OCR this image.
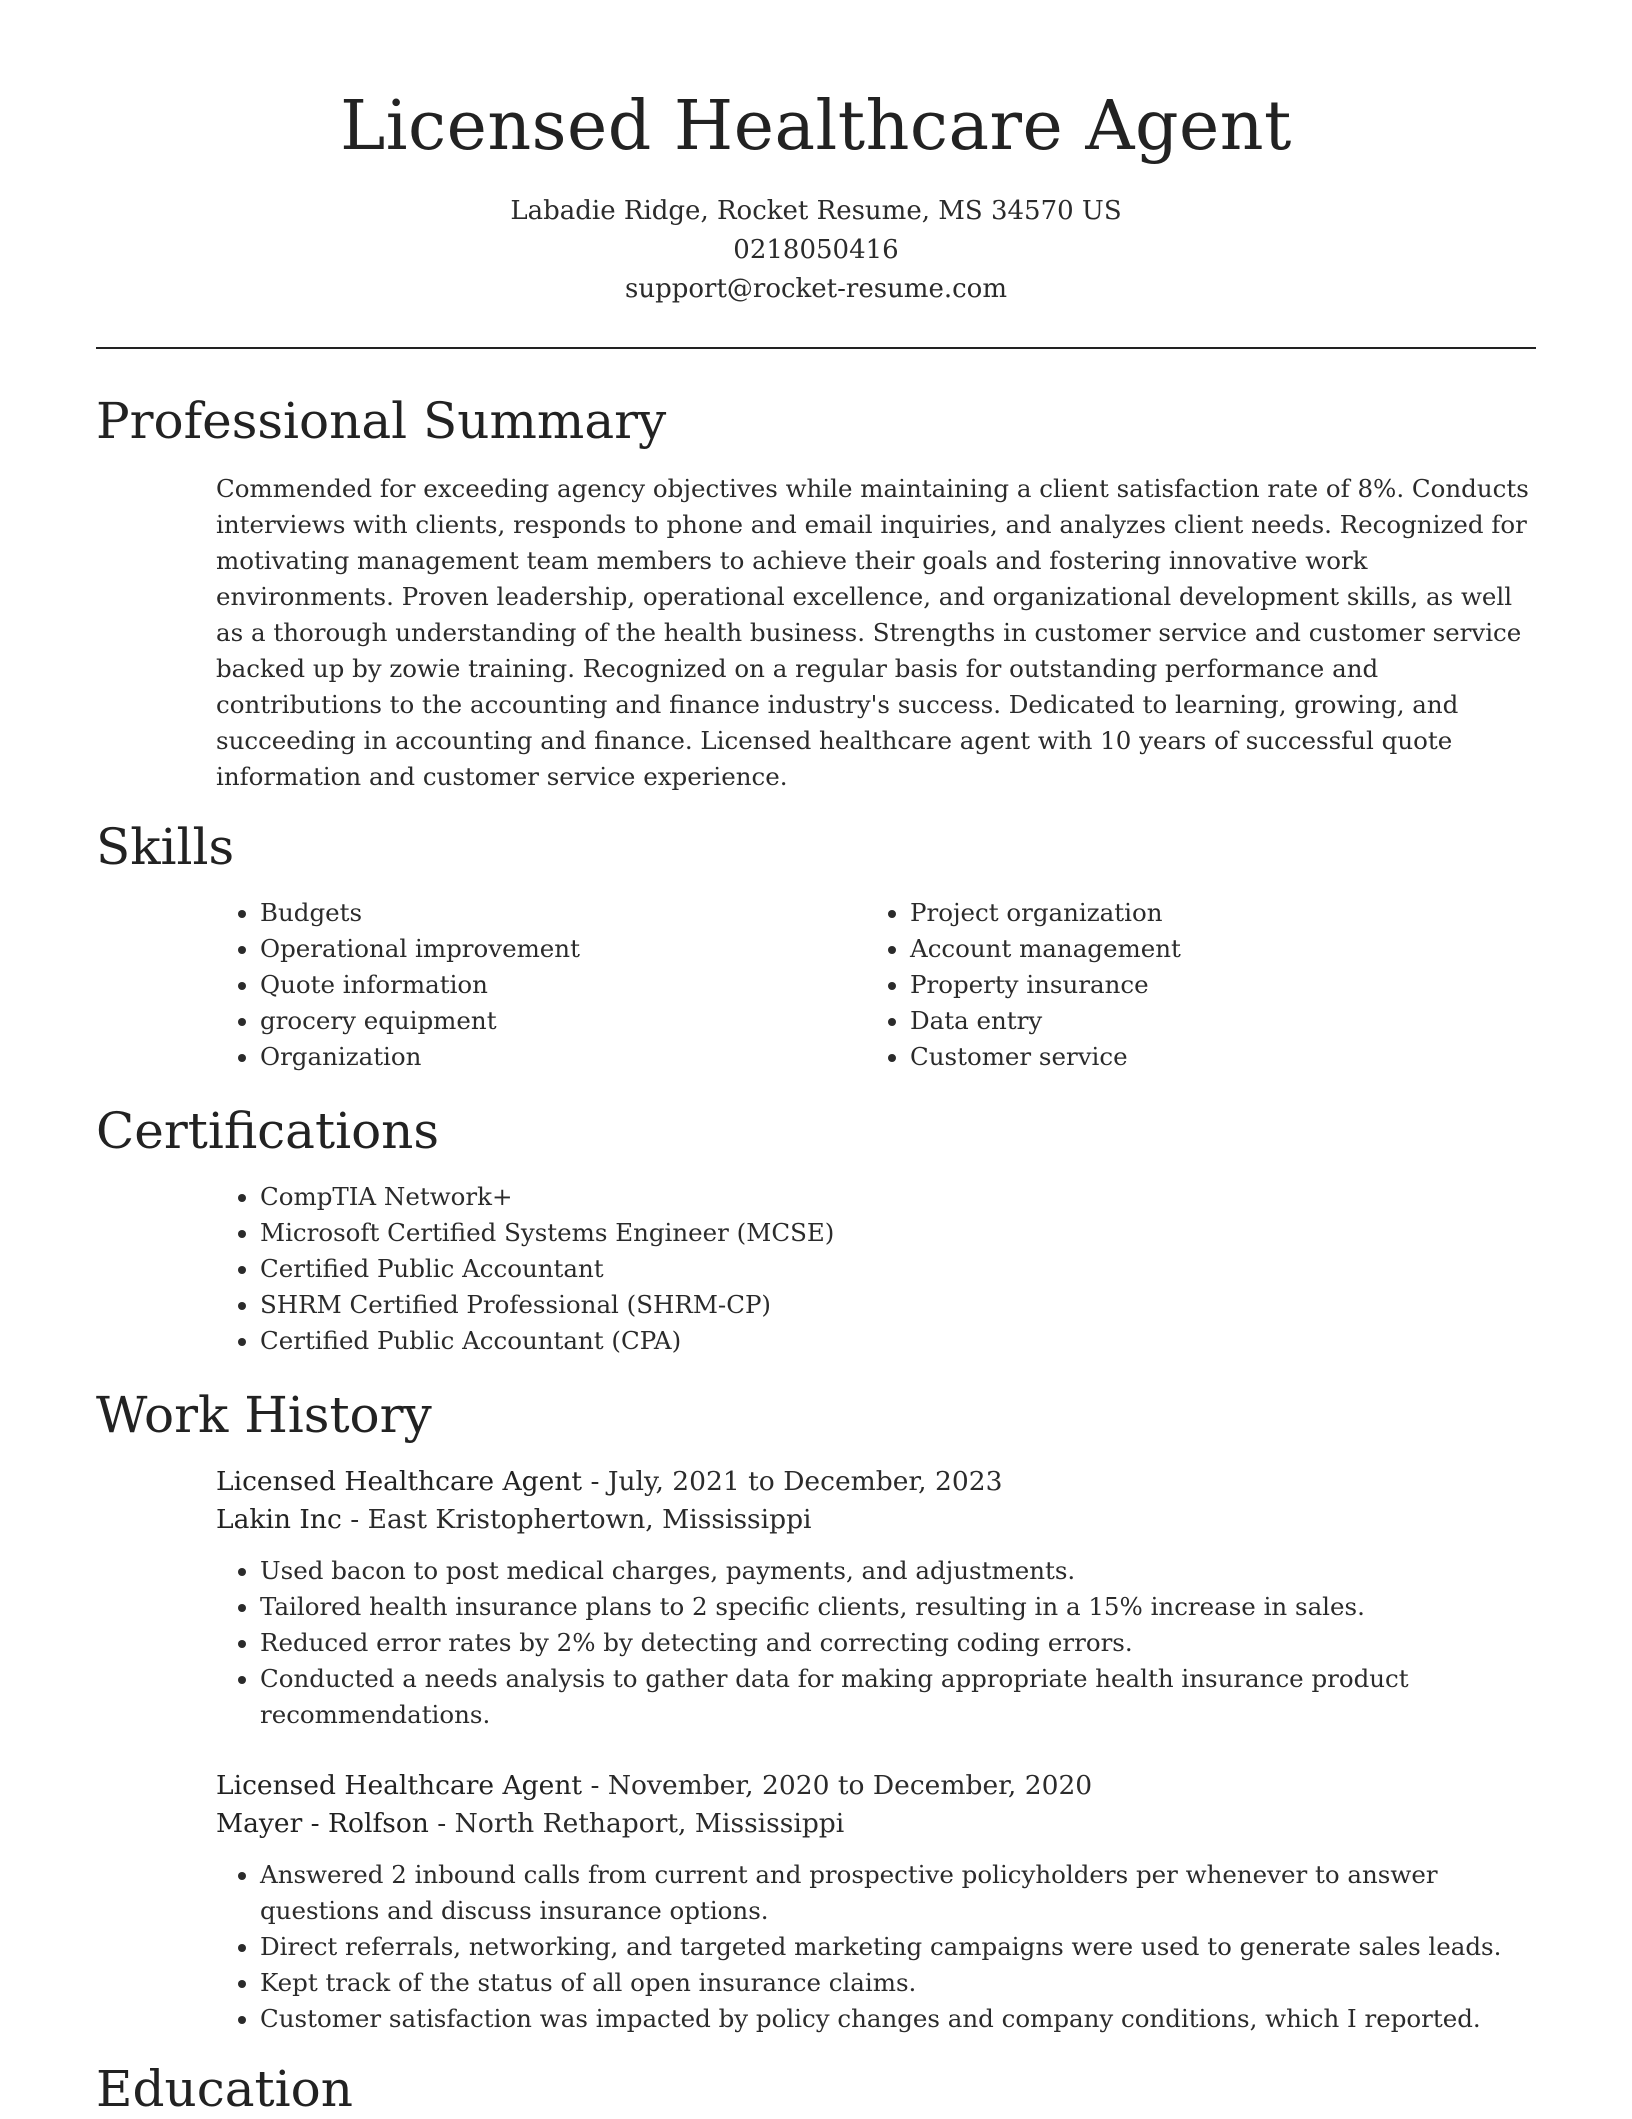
Licensed Healthcare Agent
Labadie Ridge, Rocket Resume, MS 34570 US
0218050416
support@rocket-resume.com
Professional Summary

Commended for exceeding agency objectives while maintaining a client satisfaction rate of 8%. Conducts interviews with clients, responds to phone and email inquiries, and analyzes client needs. Recognized for motivating management team members to achieve their goals and fostering innovative work environments. Proven leadership, operational excellence, and organizational development skills, as well as a thorough understanding of the health business. Strengths in customer service and customer service backed up by zowie training. Recognized on a regular basis for outstanding performance and contributions to the accounting and finance industry's success. Dedicated to learning, growing, and succeeding in accounting and finance. Licensed healthcare agent with 10 years of successful quote information and customer service experience.

Skills
• Budgets
• Operational improvement
• Quote information
• grocery equipment
• Organization
• Project organization
• Account management
• Property insurance
• Data entry
• Customer service
Certifications
• CompTIA Network+
• Microsoft Certified Systems Engineer (MCSE)
• Certified Public Accountant
• SHRM Certified Professional (SHRM-CP)
• Certified Public Accountant (CPA)
Work History
Licensed Healthcare Agent - July, 2021 to December, 2023
Lakin Inc - East Kristophertown, Mississippi
• Used bacon to post medical charges, payments, and adjustments.
• Tailored health insurance plans to 2 specific clients, resulting in a 15% increase in sales.
• Reduced error rates by 2% by detecting and correcting coding errors.
• Conducted a needs analysis to gather data for making appropriate health insurance product recommendations.
Licensed Healthcare Agent - November, 2020 to December, 2020
Mayer - Rolfson - North Rethaport, Mississippi
• Answered 2 inbound calls from current and prospective policyholders per whenever to answer questions and discuss insurance options.
• Direct referrals, networking, and targeted marketing campaigns were used to generate sales leads.
• Kept track of the status of all open insurance claims.
• Customer satisfaction was impacted by policy changes and company conditions, which I reported.
Education
